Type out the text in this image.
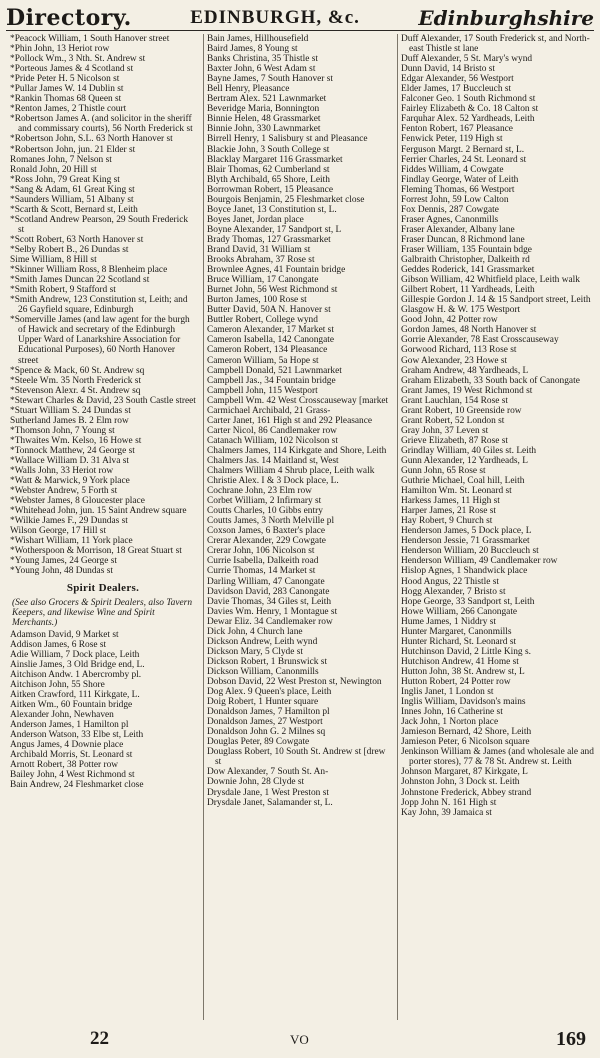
Directory.	EDINBURGH, &c.	Edinburghshire

*Peacock William, 1 South Hanover street

*Phin John, 13 Heriot row

*Pollock Wm., 3 Nth. St. Andrew st

*Porteous James & 4 Scotland st

*Pride Peter H. 5 Nicolson st

*Pullar James W. 14 Dublin st

*Rankin Thomas 68 Queen st

*Renton James, 2 Thistle court

*Robertson James A. (and solicitor in the sheriff and commissary courts), 56 North Frederick st

*Robertson John, S.L. 63 North Hanover st

*Robertson John, jun. 21 Elder st

Romanes John, 7 Nelson st

Ronald John, 20 Hill st

*Ross John, 79 Great King st

*Sang & Adam, 61 Great King st

*Saunders William, 51 Albany st

*Scarth & Scott, Bernard st, Leith

*Scotland Andrew Pearson, 29 South Frederick st

*Scott Robert, 63 North Hanover st

*Selby Robert B., 26 Dundas st

Sime William, 8 Hill st

*Skinner William Ross, 8 Blenheim place

*Smith James Duncan 22 Scotland st

*Smith Robert, 9 Stafford st

*Smith Andrew, 123 Constitution st, Leith; and 26 Gayfield square, Edinburgh

*Somerville James (and law agent for the burgh of Hawick and secretary of the Edinburgh Upper Ward of Lanarkshire Association for Educational Purposes), 60 North Hanover street

*Spence & Mack, 60 St. Andrew sq

*Steele Wm. 35 North Frederick st

*Stevenson Alexr. 4 St. Andrew sq

*Stewart Charles & David, 23 South Castle street

*Stuart William S. 24 Dundas st

Sutherland James B. 2 Elm row

*Thomson John, 7 Young st

*Thwaites Wm. Kelso, 16 Howe st

*Tonnock Matthew, 24 George st

*Wallace William D. 31 Alva st

*Walls John, 33 Heriot row

*Watt & Marwick, 9 York place

*Webster Andrew, 5 Forth st

*Webster James, 8 Gloucester place

*Whitehead John, jun. 15 Saint Andrew square

*Wilkie James F., 29 Dundas st

Wilson George, 17 Hill st

*Wishart William, 11 York place

*Wotherspoon & Morrison, 18 Great Stuart st

*Young James, 24 George st

*Young John, 48 Dundas st

Spirit Dealers.
(See also Grocers & Spirit Dealers, also Tavern Keepers, and likewise Wine and Spirit Merchants.)

Adamson David, 9 Market st

Addison James, 6 Rose st

Adie William, 7 Dock place, Leith

Ainslie James, 3 Old Bridge end, L.

Aitchison Andw. 1 Abercromby pl.

Aitchison John, 55 Shore

Aitken Crawford, 111 Kirkgate, L.

Aitken Wm., 60 Fountain bridge

Alexander John, Newhaven

Anderson James, 1 Hamilton pl

Anderson Watson, 33 Elbe st, Leith

Angus James, 4 Downie place

Archibald Morris, St. Leonard st

Arnott Robert, 38 Potter row

Bailey John, 4 West Richmond st

Bain Andrew, 24 Fleshmarket close

Bain James, Hillhousefield

Baird James, 8 Young st

Banks Christina, 35 Thistle st

Baxter John, 6 West Adam st

Bayne James, 7 South Hanover st

Bell Henry, Pleasance

Bertram Alex. 521 Lawnmarket

Beveridge Maria, Bonnington

Binnie Helen, 48 Grassmarket

Binnie John, 330 Lawnmarket

Birrell Henry, 1 Salisbury st and Pleasance

Blackie John, 3 South College st

Blacklay Margaret 116 Grassmarket

Blair Thomas, 62 Cumberland st

Blyth Archibald, 65 Shore, Leith

Borrowman Robert, 15 Pleasance

Bourgois Benjamin, 25 Fleshmarket close

Boyce Janet, 13 Constitution st, L.

Boyes Janet, Jordan place

Boyne Alexander, 17 Sandport st, L

Brady Thomas, 127 Grassmarket

Brand David, 31 William st

Brooks Abraham, 37 Rose st

Brownlee Agnes, 41 Fountain bridge

Bruce William, 17 Canongate

Burnet John, 56 West Richmond st

Burton James, 100 Rose st

Butter David, 50A N. Hanover st

Buttler Robert, College wynd

Cameron Alexander, 17 Market st

Cameron Isabella, 142 Canongate

Cameron Robert, 134 Pleasance

Cameron William, 5a Hope st

Campbell Donald, 521 Lawnmarket

Campbell Jas., 34 Fountain bridge

Campbell John, 115 Westport

Campbell Wm. 42 West Crosscauseway [market

Carmichael Archibald, 21 Grass-

Carter Janet, 161 High st and 292 Pleasance

Carter Nicol, 86 Candlemaker row

Catanach William, 102 Nicolson st

Chalmers James, 114 Kirkgate and Shore, Leith

Chalmers Jas. 14 Maitland st, West

Chalmers William 4 Shrub place, Leith walk

Christie Alex. I & 3 Dock place, L.

Cochrane John, 23 Elm row

Corbet William, 2 Infirmary st

Coutts Charles, 10 Gibbs entry

Coutts James, 3 North Melville pl

Coxson James, 6 Baxter's place

Crerar Alexander, 229 Cowgate

Crerar John, 106 Nicolson st

Currie Isabella, Dalkeith road

Currie Thomas, 14 Market st

Darling William, 47 Canongate

Davidson David, 283 Canongate

Davie Thomas, 34 Giles st, Leith

Davies Wm. Henry, 1 Montague st

Dewar Eliz. 34 Candlemaker row

Dick John, 4 Church lane

Dickson Andrew, Leith wynd

Dickson Mary, 5 Clyde st

Dickson Robert, 1 Brunswick st

Dickson William, Canonmills

Dobson David, 22 West Preston st, Newington

Dog Alex. 9 Queen's place, Leith

Doig Robert, 1 Hunter square

Donaldson James, 7 Hamilton pl

Donaldson James, 27 Westport

Donaldson John G. 2 Milnes sq

Douglas Peter, 89 Cowgate

Douglass Robert, 10 South St. Andrew st [drew st

Dow Alexander, 7 South St. An-

Downie John, 28 Clyde st

Drysdale Jane, 1 West Preston st

Drysdale Janet, Salamander st, L.

Duff Alexander, 17 South Frederick st, and North-east Thistle st lane

Duff Alexander, 5 St. Mary's wynd

Dunn David, 14 Bristo st

Edgar Alexander, 56 Westport

Elder James, 17 Buccleuch st

Falconer Geo. 1 South Richmond st

Fairley Elizabeth & Co. 18 Calton st

Farquhar Alex. 52 Yardheads, Leith

Fenton Robert, 167 Pleasance

Fenwick Peter, 119 High st

Ferguson Margt. 2 Bernard st, L.

Ferrier Charles, 24 St. Leonard st

Fiddes William, 4 Cowgate

Findlay George, Water of Leith

Fleming Thomas, 66 Westport

Forrest John, 59 Low Calton

Fox Dennis, 287 Cowgate

Fraser Agnes, Canonmills

Fraser Alexander, Albany lane

Fraser Duncan, 8 Richmond lane

Fraser William, 135 Fountain bdge

Galbraith Christopher, Dalkeith rd

Geddes Roderick, 141 Grassmarket

Gibson William, 42 Whitfield place, Leith walk

Gilbert Robert, 11 Yardheads, Leith

Gillespie Gordon J. 14 & 15 Sandport street, Leith

Glasgow H. & W. 175 Westport

Good John, 42 Potter row

Gordon James, 48 North Hanover st

Gorrie Alexander, 78 East Crosscauseway

Gorwood Richard, 113 Rose st

Gow Alexander, 23 Howe st

Graham Andrew, 48 Yardheads, L

Graham Elizabeth, 33 South back of Canongate

Grant James, 19 West Richmond st

Grant Lauchlan, 154 Rose st

Grant Robert, 10 Greenside row

Grant Robert, 52 London st

Gray John, 37 Leven st

Grieve Elizabeth, 87 Rose st

Grindlay William, 40 Giles st. Leith

Gunn Alexander, 12 Yardheads, L

Gunn John, 65 Rose st

Guthrie Michael, Coal hill, Leith

Hamilton Wm. St. Leonard st

Harkess James, 11 High st

Harper James, 21 Rose st

Hay Robert, 9 Church st

Henderson James, 5 Dock place, L

Henderson Jessie, 71 Grassmarket

Henderson William, 20 Buccleuch st

Henderson William, 49 Candlemaker row

Hislop Agnes, 1 Shandwick place

Hood Angus, 22 Thistle st

Hogg Alexander, 7 Bristo st

Hope George, 33 Sandport st, Leith

Howe William, 266 Canongate

Hume James, 1 Niddry st

Hunter Margaret, Canonmills

Hunter Richard, St. Leonard st

Hutchinson David, 2 Little King s.

Hutchison Andrew, 41 Home st

Hutton John, 38 St. Andrew st, L

Hutton Robert, 24 Potter row

Inglis Janet, 1 London st

Inglis William, Davidson's mains

Innes John, 16 Catherine st

Jack John, 1 Norton place

Jamieson Bernard, 42 Shore, Leith

Jamieson Peter, 6 Nicolson square

Jenkinson William & James (and wholesale ale and porter stores), 77 & 78 St. Andrew st. Leith

Johnson Margaret, 87 Kirkgate, L

Johnston John, 3 Dock st. Leith

Johnstone Frederick, Abbey strand

Jopp John N. 161 High st

Kay John, 39 Jamaica st

22	VO	169
